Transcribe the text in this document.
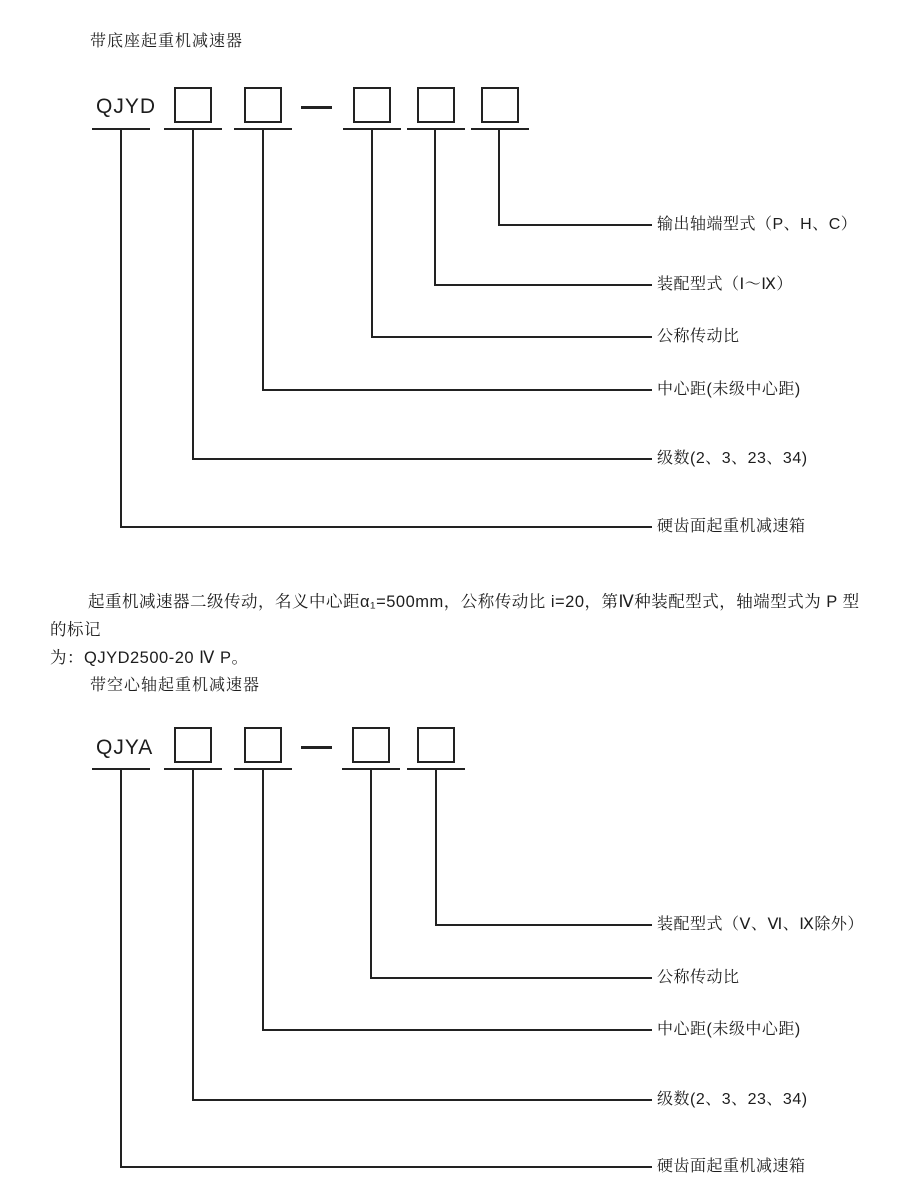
带底座起重机减速器
QJYD
输出轴端型式（P、H、C）
装配型式（Ⅰ～Ⅸ）
公称传动比
中心距(未级中心距)
级数(2、3、23、34)
硬齿面起重机减速箱
起重机减速器二级传动，名义中心距α₁=500mm，公称传动比 i=20，第Ⅳ种装配型式，轴端型式为 P 型的标记
为：QJYD2500-20 Ⅳ P。
带空心轴起重机减速器
QJYA
装配型式（Ⅴ、Ⅵ、Ⅸ除外）
公称传动比
中心距(未级中心距)
级数(2、3、23、34)
硬齿面起重机减速箱
